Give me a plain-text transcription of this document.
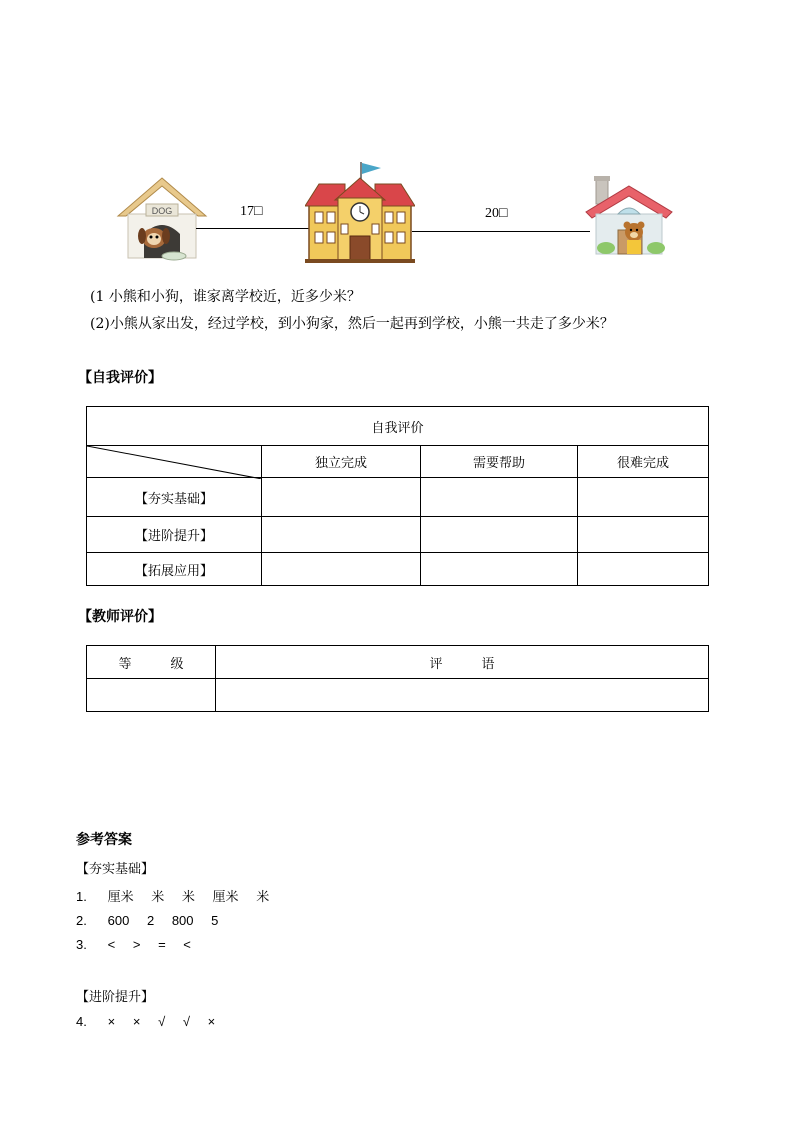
DOG	17□	20□
(1 小熊和小狗，谁家离学校近，近多少米？
(2)小熊从家出发，经过学校，到小狗家，然后一起再到学校，小熊一共走了多少米？
【自我评价】
自我评价			

	独立完成	需要帮助	很难完成
【夯实基础】			
【进阶提升】			
【拓展应用】			
【教师评价】
等　　　级	评　　　语

参考答案
【夯实基础】
1. 厘米 米 米 厘米 米
2. 600 2 800 5
3. < > = <
【进阶提升】
4. × × √ √ ×
